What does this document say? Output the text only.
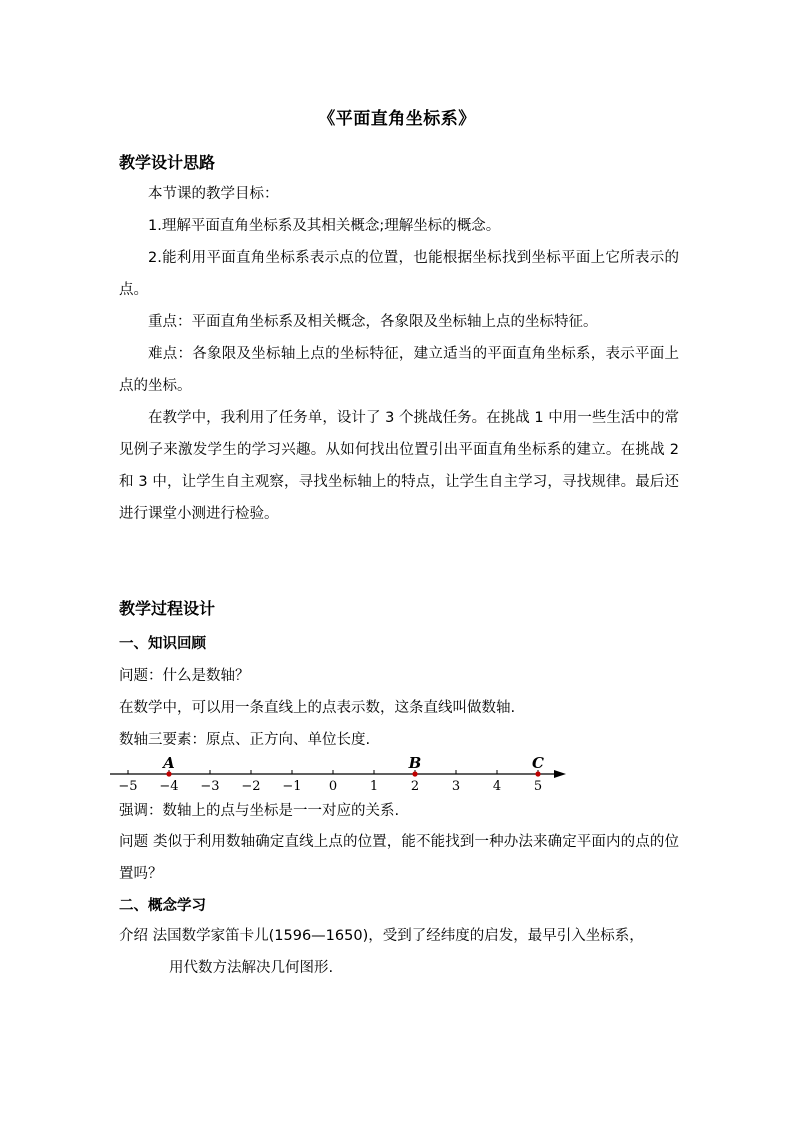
《平面直角坐标系》
教学设计思路
本节课的教学目标：
1.理解平面直角坐标系及其相关概念;理解坐标的概念。
2.能利用平面直角坐标系表示点的位置，也能根据坐标找到坐标平面上它所表示的点。
重点：平面直角坐标系及相关概念，各象限及坐标轴上点的坐标特征。
难点：各象限及坐标轴上点的坐标特征，建立适当的平面直角坐标系，表示平面上点的坐标。
在教学中，我利用了任务单，设计了 3 个挑战任务。在挑战 1 中用一些生活中的常见例子来激发学生的学习兴趣。从如何找出位置引出平面直角坐标系的建立。在挑战 2 和 3 中，让学生自主观察，寻找坐标轴上的特点，让学生自主学习，寻找规律。最后还进行课堂小测进行检验。
教学过程设计
一、知识回顾
问题：什么是数轴？
在数学中，可以用一条直线上的点表示数，这条直线叫做数轴.
数轴三要素：原点、正方向、单位长度.
−5 −4 −3 −2 −1 0	1	2	3	4	5
A	B	C
强调：数轴上的点与坐标是一一对应的关系.
问题 类似于利用数轴确定直线上点的位置，能不能找到一种办法来确定平面内的点的位置吗？
二、概念学习
介绍 法国数学家笛卡儿(1596—1650)，受到了经纬度的启发，最早引入坐标系，
用代数方法解决几何图形.
